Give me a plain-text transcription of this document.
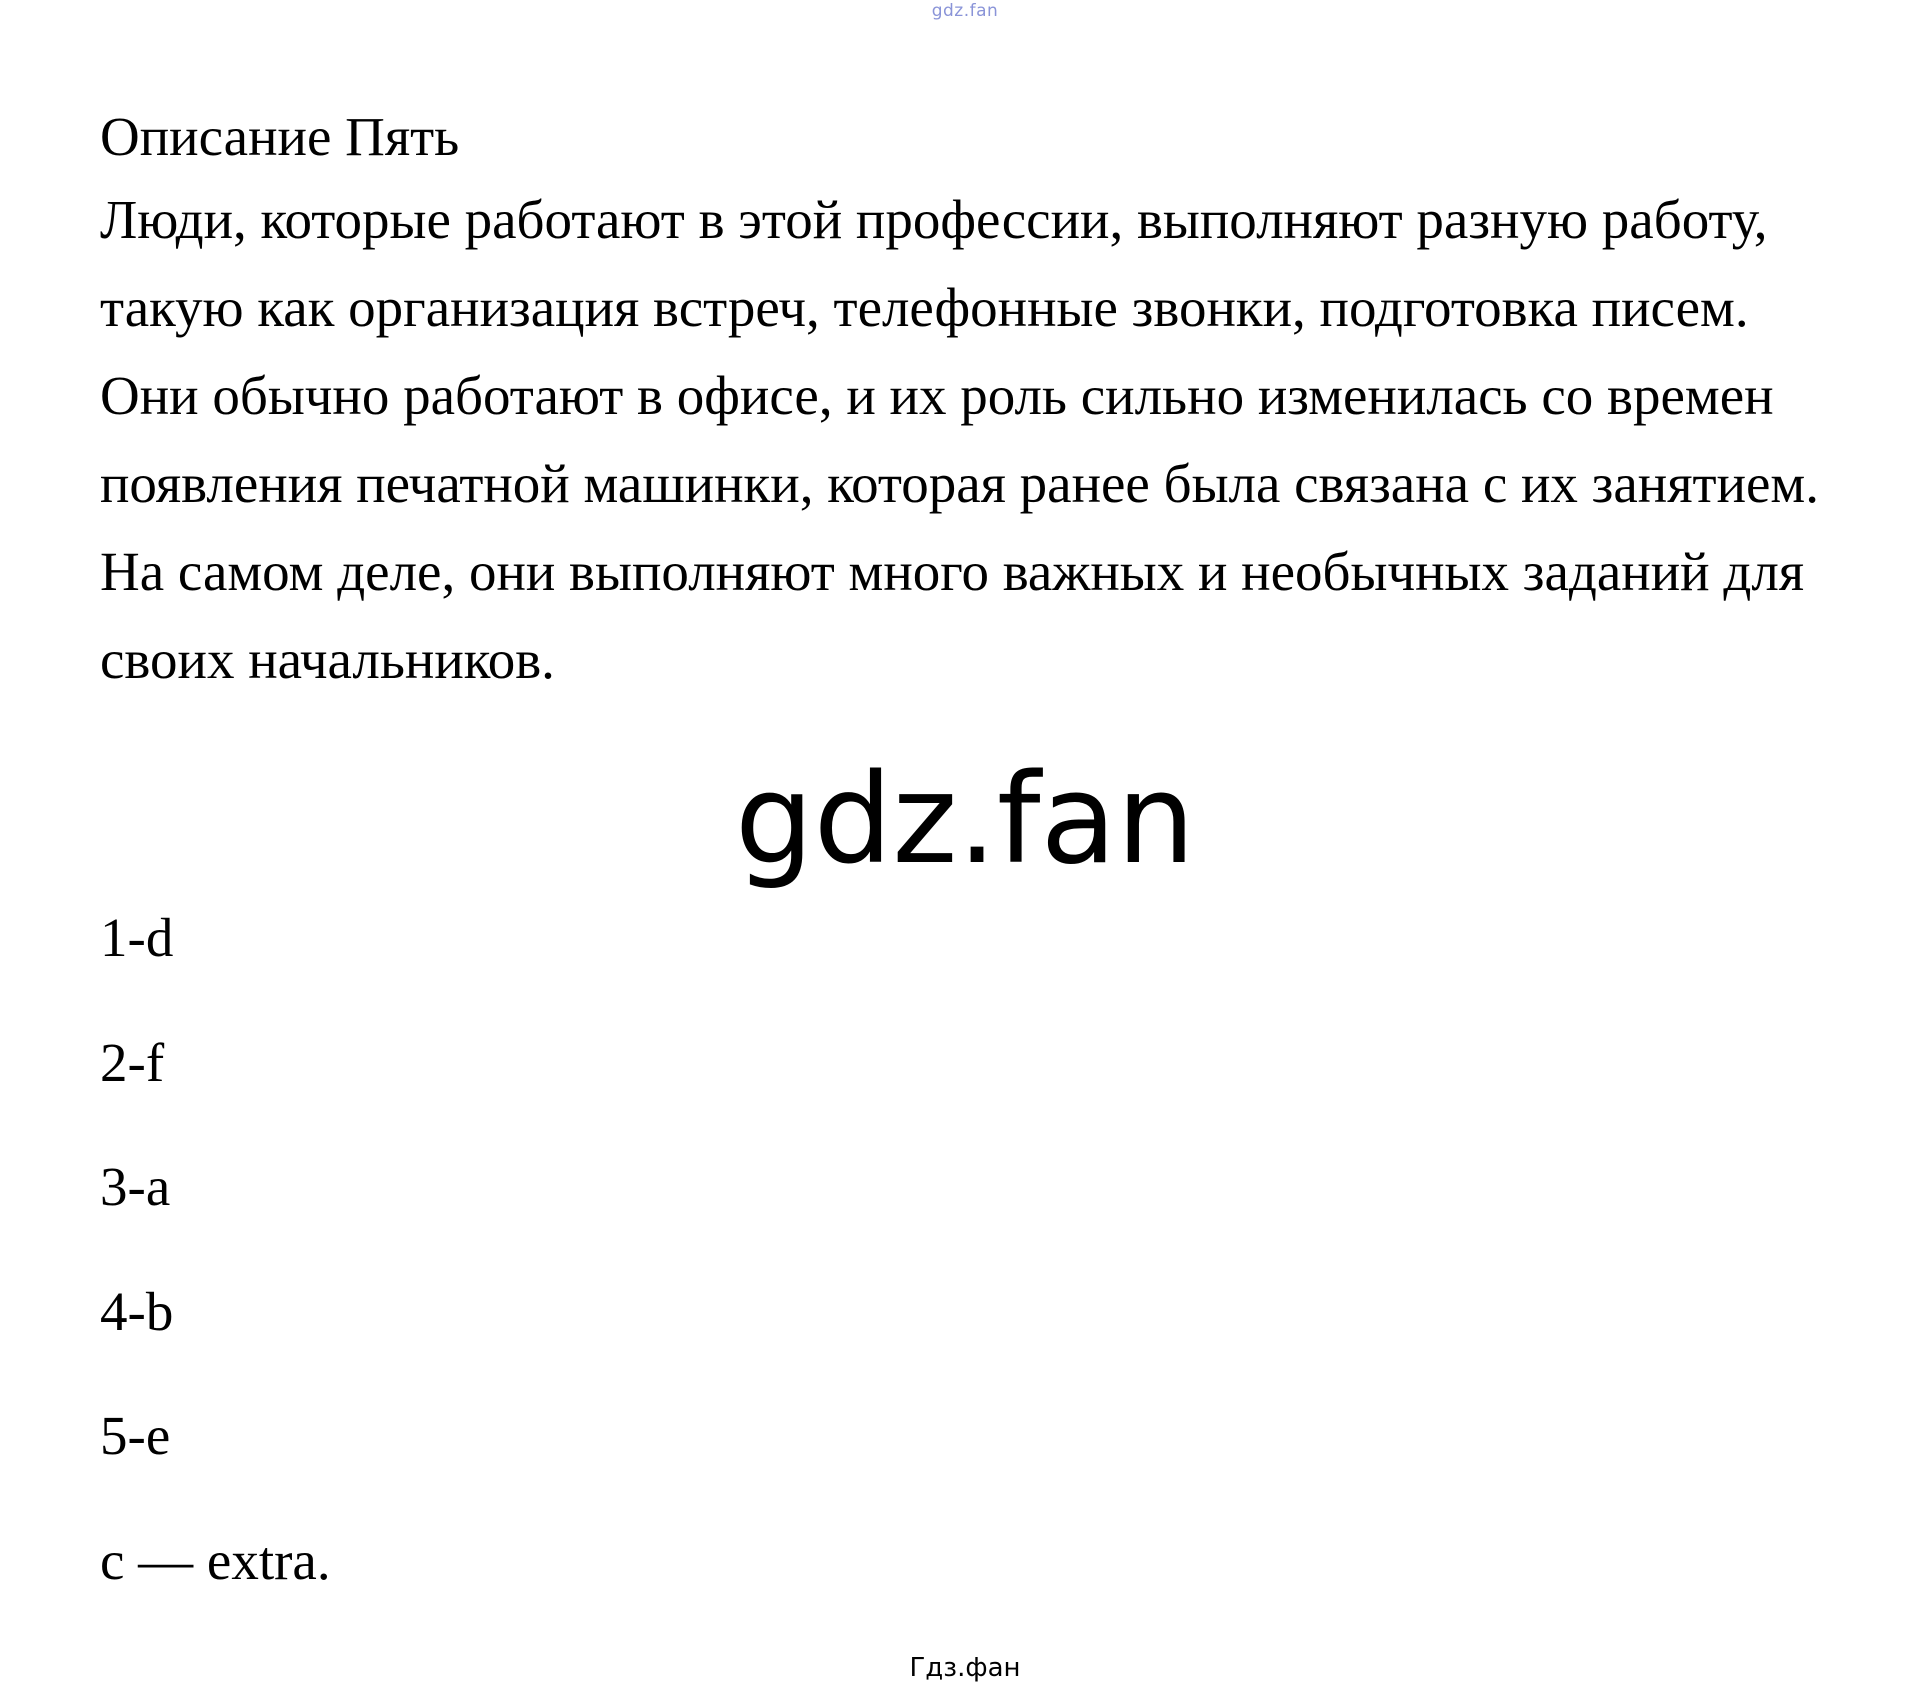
gdz.fan

Описание Пять

Люди, которые работают в этой профессии, выполняют разную работу, такую как организация встреч, телефонные звонки, подготовка писем. Они обычно работают в офисе, и их роль сильно изменилась со времен появления печатной машинки, которая ранее была связана с их занятием. На самом деле, они выполняют много важных и необычных заданий для своих начальников.

gdz.fan
1-d
2-f
3-a
4-b
5-e
c — extra.
Гдз.фан
